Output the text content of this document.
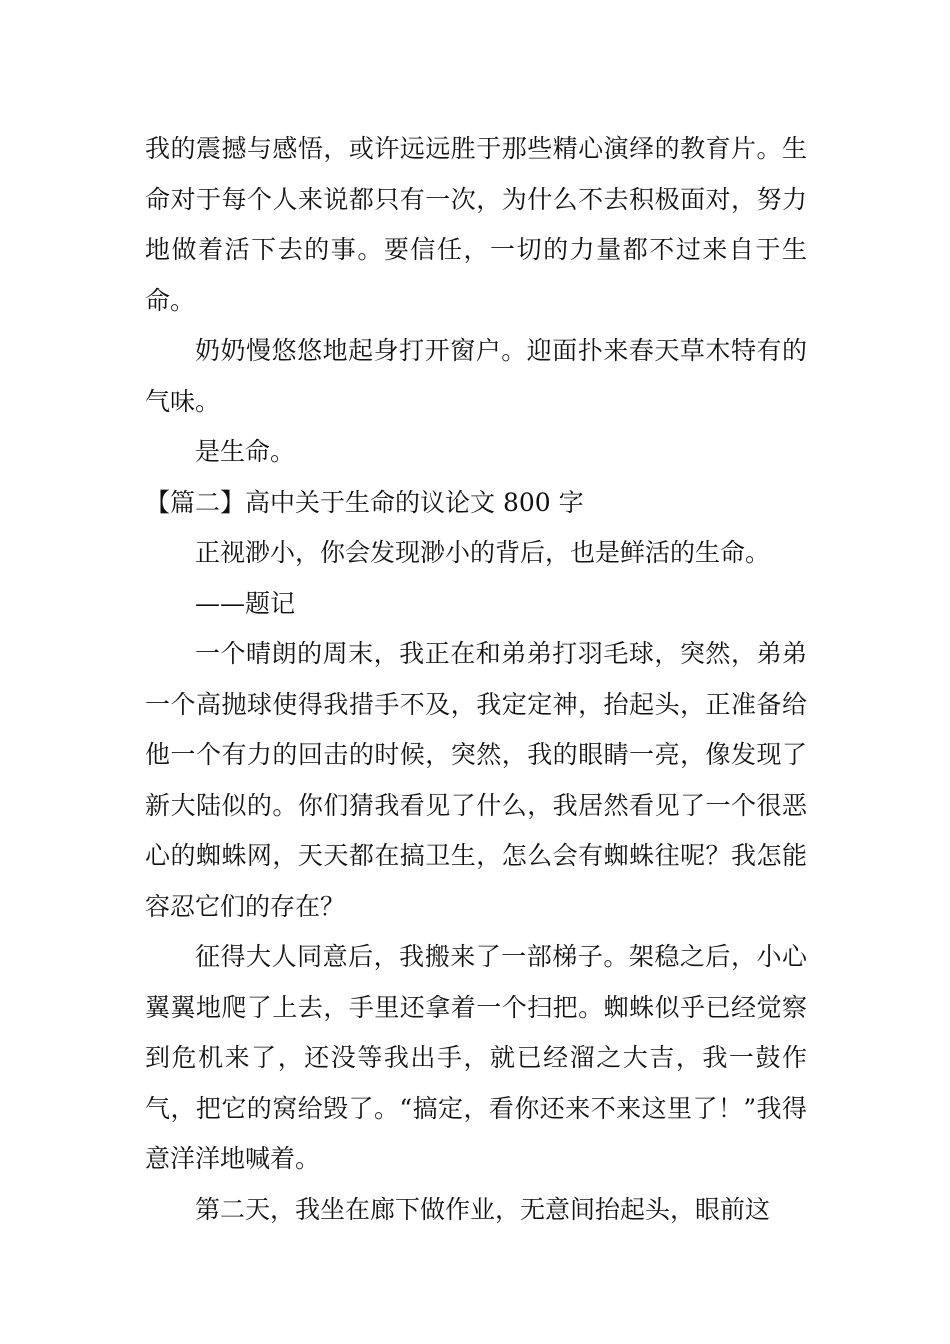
我的震撼与感悟，或许远远胜于那些精心演绎的教育片。生命对于每个人来说都只有一次，为什么不去积极面对，努力地做着活下去的事。要信任，一切的力量都不过来自于生命。

奶奶慢悠悠地起身打开窗户。迎面扑来春天草木特有的气味。

是生命。

【篇二】高中关于生命的议论文 800 字

正视渺小，你会发现渺小的背后，也是鲜活的生命。

——题记

一个晴朗的周末，我正在和弟弟打羽毛球，突然，弟弟一个高抛球使得我措手不及，我定定神，抬起头，正准备给他一个有力的回击的时候，突然，我的眼睛一亮，像发现了新大陆似的。你们猜我看见了什么，我居然看见了一个很恶心的蜘蛛网，天天都在搞卫生，怎么会有蜘蛛往呢？我怎能容忍它们的存在？

征得大人同意后，我搬来了一部梯子。架稳之后，小心翼翼地爬了上去，手里还拿着一个扫把。蜘蛛似乎已经觉察到危机来了，还没等我出手，就已经溜之大吉，我一鼓作气，把它的窝给毁了。“搞定，看你还来不来这里了！”我得意洋洋地喊着。

第二天，我坐在廊下做作业，无意间抬起头，眼前这
